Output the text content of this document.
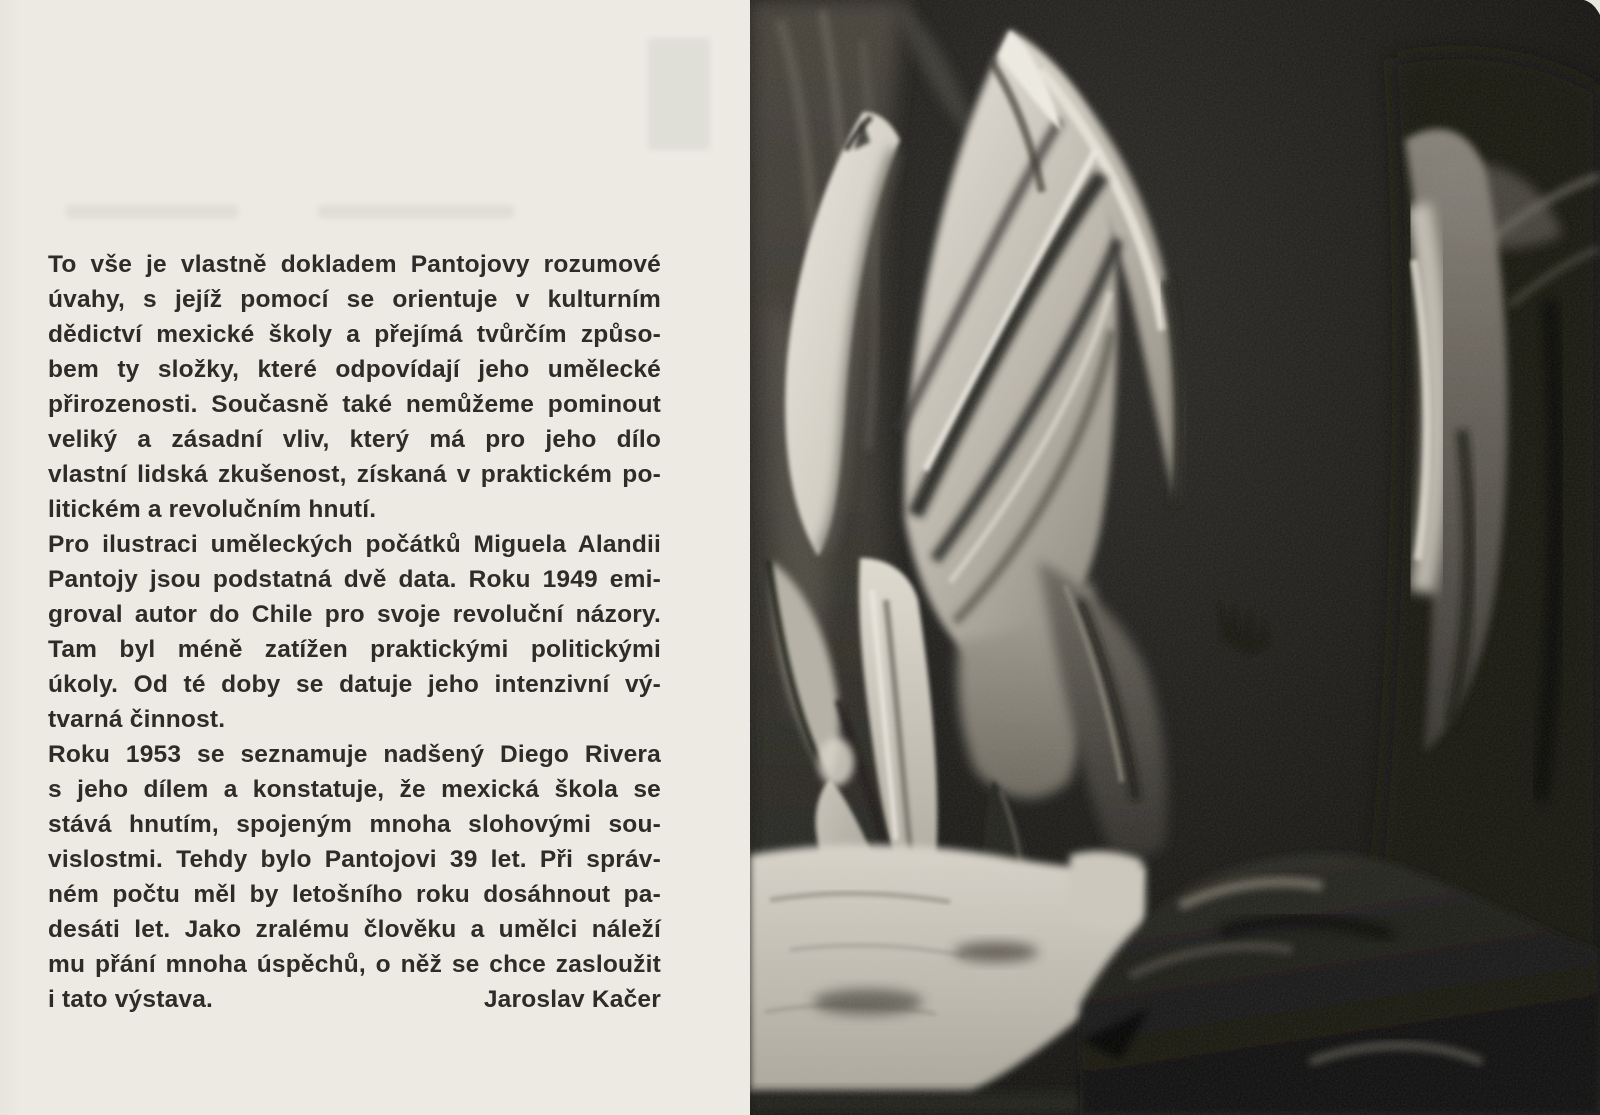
To vše je vlastně dokladem Pantojovy rozumové
úvahy, s jejíž pomocí se orientuje v kulturním
dědictví mexické školy a přejímá tvůrčím způso-
bem ty složky, které odpovídají jeho umělecké
přirozenosti. Současně také nemůžeme pominout
veliký a zásadní vliv, který má pro jeho dílo
vlastní lidská zkušenost, získaná v praktickém po-
litickém a revolučním hnutí.
Pro ilustraci uměleckých počátků Miguela Alandii
Pantojy jsou podstatná dvě data. Roku 1949 emi-
groval autor do Chile pro svoje revoluční názory.
Tam byl méně zatížen praktickými politickými
úkoly. Od té doby se datuje jeho intenzivní vý-
tvarná činnost.
Roku 1953 se seznamuje nadšený Diego Rivera
s jeho dílem a konstatuje, že mexická škola se
stává hnutím, spojeným mnoha slohovými sou-
vislostmi. Tehdy bylo Pantojovi 39 let. Při správ-
ném počtu měl by letošního roku dosáhnout pa-
desáti let. Jako zralému člověku a umělci náleží
mu přání mnoha úspěchů, o něž se chce zasloužit
i tato výstava.	Jaroslav Kačer
